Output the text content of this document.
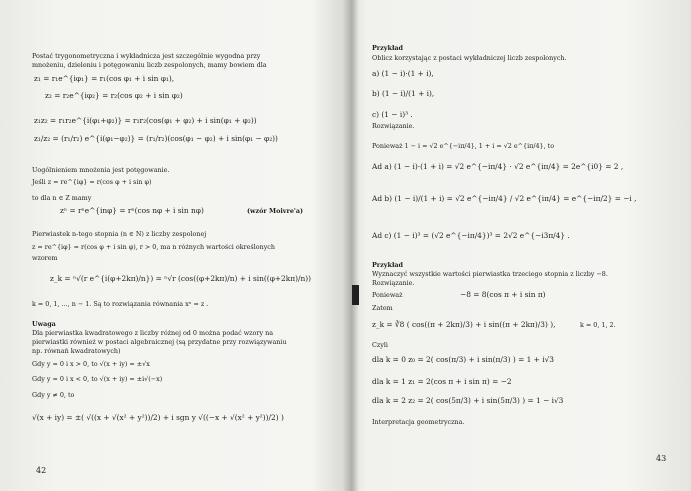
Postać trygonometryczna i wykładnicza jest szczególnie wygodna przy
mnożeniu, dzieleniu i potęgowaniu liczb zespolonych, mamy bowiem dla
z₁ = r₁e^{iφ₁} = r₁(cos φ₁ + i sin φ₁),
z₂ = r₂e^{iφ₂} = r₂(cos φ₂ + i sin φ₂)
z₁z₂ = r₁r₂e^{i(φ₁+φ₂)} = r₁r₂(cos(φ₁ + φ₂) + i sin(φ₁ + φ₂))
z₁/z₂ = (r₁/r₂) e^{i(φ₁−φ₂)} = (r₁/r₂)(cos(φ₁ − φ₂) + i sin(φ₁ − φ₂))
Uogólnieniem mnożenia jest potęgowanie.
Jeśli z = re^{iφ} = r(cos φ + i sin φ)
to dla n ∈ Z mamy
zⁿ = rⁿe^{inφ} = rⁿ(cos nφ + i sin nφ)	(wzór Moivre'a)
Pierwiastek n-tego stopnia (n ∈ N) z liczby zespolonej
z = re^{iφ} = r(cos φ + i sin φ), r > 0, ma n różnych wartości określonych
wzorem
z_k = ⁿ√(r e^{i(φ+2kπ)/n}) = ⁿ√r (cos((φ+2kπ)/n) + i sin((φ+2kπ)/n))
k = 0, 1, ..., n − 1. Są to rozwiązania równania xⁿ = z .
Uwaga
Dla pierwiastka kwadratowego z liczby różnej od 0 można podać wzory na
pierwiastki również w postaci algebraicznej (są przydatne przy rozwiązywaniu
np. równań kwadratowych)
Gdy y = 0 i x > 0, to √(x + iy) = ±√x
Gdy y = 0 i x < 0, to √(x + iy) = ±i√(−x)
Gdy y ≠ 0, to
√(x + iy) = ±( √((x + √(x² + y²))/2) + i sgn y √((−x + √(x² + y²))/2) )
42
Przykład
Oblicz korzystając z postaci wykładniczej liczb zespolonych.
a) (1 − i)·(1 + i),
b) (1 − i)/(1 + i),
c) (1 − i)³ .
Rozwiązanie.
Ponieważ 1 − i = √2 e^{−iπ/4}, 1 + i = √2 e^{iπ/4}, to
Ad a) (1 − i)·(1 + i) = √2 e^{−iπ/4} · √2 e^{iπ/4} = 2e^{i0} = 2 ,
Ad b) (1 − i)/(1 + i) = √2 e^{−iπ/4} / √2 e^{iπ/4} = e^{−iπ/2} = −i ,
Ad c) (1 − i)³ = (√2 e^{−iπ/4})³ = 2√2 e^{−i3π/4} .
Przykład
Wyznaczyć wszystkie wartości pierwiastka trzeciego stopnia z liczby −8.
Rozwiązanie.
Ponieważ	−8 = 8(cos π + i sin π)
Zatem
z_k = ∛8 ( cos((π + 2kπ)/3) + i sin((π + 2kπ)/3) ),	k = 0, 1, 2.
Czyli
dla k = 0 z₀ = 2( cos(π/3) + i sin(π/3) ) = 1 + i√3
dla k = 1 z₁ = 2(cos π + i sin π) = −2
dla k = 2 z₂ = 2( cos(5π/3) + i sin(5π/3) ) = 1 − i√3
Interpretacja geometryczna.
43
